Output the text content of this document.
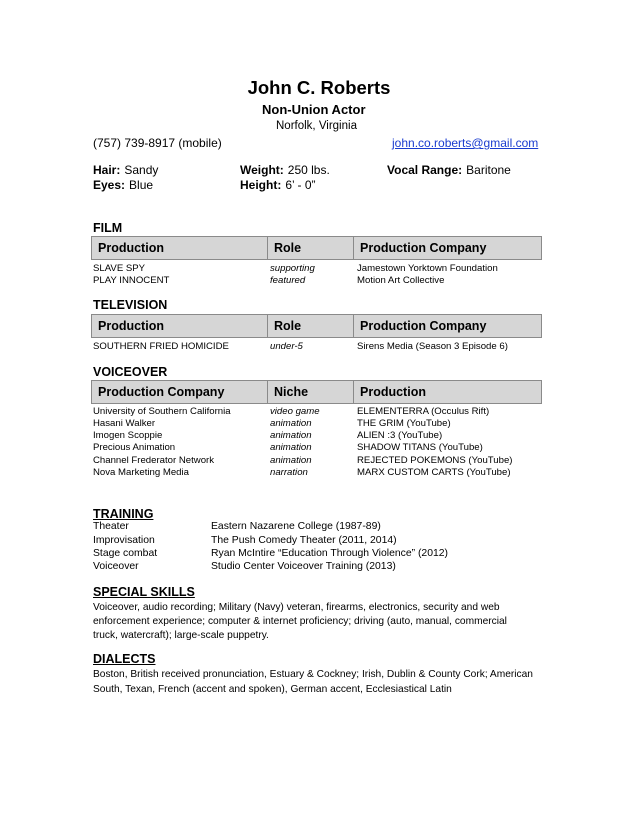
John C. Roberts
Non-Union Actor
Norfolk, Virginia
(757) 739-8917 (mobile)	john.co.roberts@gmail.com
Hair: Sandy
Eyes: Blue
Weight: 250 lbs.
Height: 6’ - 0”
Vocal Range: Baritone
FILM
Production	Role	Production Company
SLAVE SPY	supporting	Jamestown Yorktown Foundation
PLAY INNOCENT	featured	Motion Art Collective
TELEVISION
Production	Role	Production Company
SOUTHERN FRIED HOMICIDE	under-5	Sirens Media (Season 3 Episode 6)
VOICEOVER
Production Company	Niche	Production
University of Southern California	video game	ELEMENTERRA (Occulus Rift)
Hasani Walker	animation	THE GRIM (YouTube)
Imogen Scoppie	animation	ALIEN :3 (YouTube)
Precious Animation	animation	SHADOW TITANS (YouTube)
Channel Frederator Network	animation	REJECTED POKEMONS (YouTube)
Nova Marketing Media	narration	MARX CUSTOM CARTS (YouTube)
TRAINING
Theater	Eastern Nazarene College (1987-89)
Improvisation	The Push Comedy Theater (2011, 2014)
Stage combat	Ryan McIntire “Education Through Violence” (2012)
Voiceover	Studio Center Voiceover Training (2013)
SPECIAL SKILLS
Voiceover, audio recording; Military (Navy) veteran, firearms, electronics, security and web
enforcement experience; computer & internet proficiency; driving (auto, manual, commercial
truck, watercraft); large-scale puppetry.
DIALECTS
Boston, British received pronunciation, Estuary & Cockney; Irish, Dublin & County Cork; American
South, Texan, French (accent and spoken), German accent, Ecclesiastical Latin
